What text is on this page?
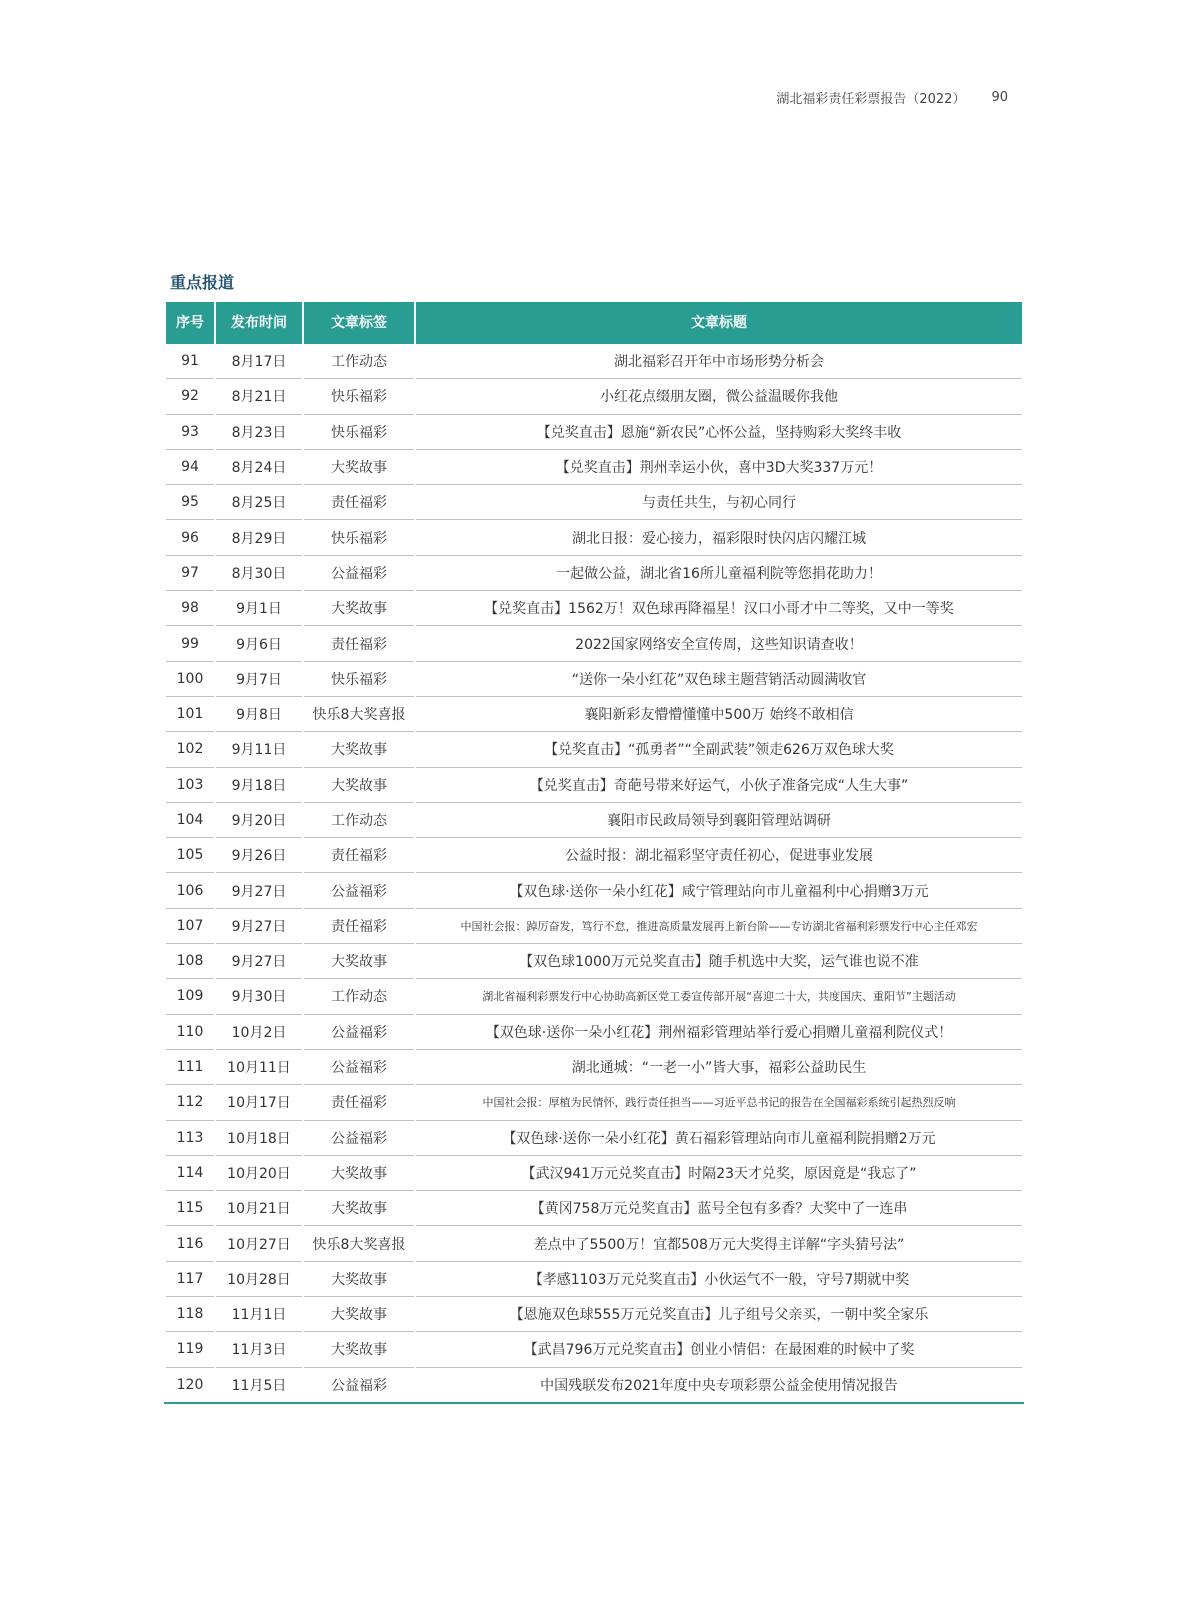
湖北福彩责任彩票报告（2022） 90
重点报道
序号	发布时间	文章标签	文章标题
91	8月17日	工作动态	湖北福彩召开年中市场形势分析会
92	8月21日	快乐福彩	小红花点缀朋友圈，微公益温暖你我他
93	8月23日	快乐福彩	【兑奖直击】恩施“新农民”心怀公益，坚持购彩大奖终丰收
94	8月24日	大奖故事	【兑奖直击】荆州幸运小伙，喜中3D大奖337万元！
95	8月25日	责任福彩	与责任共生，与初心同行
96	8月29日	快乐福彩	湖北日报：爱心接力，福彩限时快闪店闪耀江城
97	8月30日	公益福彩	一起做公益，湖北省16所儿童福利院等您捐花助力！
98	9月1日	大奖故事	【兑奖直击】1562万！双色球再降福星！汉口小哥才中二等奖，又中一等奖
99	9月6日	责任福彩	2022国家网络安全宣传周，这些知识请查收！
100	9月7日	快乐福彩	“送你一朵小红花”双色球主题营销活动圆满收官
101	9月8日	快乐8大奖喜报	襄阳新彩友懵懵懂懂中500万 始终不敢相信
102	9月11日	大奖故事	【兑奖直击】“孤勇者”“全副武装”领走626万双色球大奖
103	9月18日	大奖故事	【兑奖直击】奇葩号带来好运气，小伙子准备完成“人生大事”
104	9月20日	工作动态	襄阳市民政局领导到襄阳管理站调研
105	9月26日	责任福彩	公益时报：湖北福彩坚守责任初心，促进事业发展
106	9月27日	公益福彩	【双色球·送你一朵小红花】咸宁管理站向市儿童福利中心捐赠3万元
107	9月27日	责任福彩	中国社会报：踔厉奋发，笃行不怠，推进高质量发展再上新台阶——专访湖北省福利彩票发行中心主任邓宏
108	9月27日	大奖故事	【双色球1000万元兑奖直击】随手机选中大奖，运气谁也说不准
109	9月30日	工作动态	湖北省福利彩票发行中心协助高新区党工委宣传部开展“喜迎二十大，共度国庆、重阳节”主题活动
110	10月2日	公益福彩	【双色球·送你一朵小红花】荆州福彩管理站举行爱心捐赠儿童福利院仪式！
111	10月11日	公益福彩	湖北通城：“一老一小”皆大事，福彩公益助民生
112	10月17日	责任福彩	中国社会报：厚植为民情怀，践行责任担当——习近平总书记的报告在全国福彩系统引起热烈反响
113	10月18日	公益福彩	【双色球·送你一朵小红花】黄石福彩管理站向市儿童福利院捐赠2万元
114	10月20日	大奖故事	【武汉941万元兑奖直击】时隔23天才兑奖，原因竟是“我忘了”
115	10月21日	大奖故事	【黄冈758万元兑奖直击】蓝号全包有多香？大奖中了一连串
116	10月27日	快乐8大奖喜报	差点中了5500万！宜都508万元大奖得主详解“字头猜号法”
117	10月28日	大奖故事	【孝感1103万元兑奖直击】小伙运气不一般，守号7期就中奖
118	11月1日	大奖故事	【恩施双色球555万元兑奖直击】儿子组号父亲买，一朝中奖全家乐
119	11月3日	大奖故事	【武昌796万元兑奖直击】创业小情侣：在最困难的时候中了奖
120	11月5日	公益福彩	中国残联发布2021年度中央专项彩票公益金使用情况报告
